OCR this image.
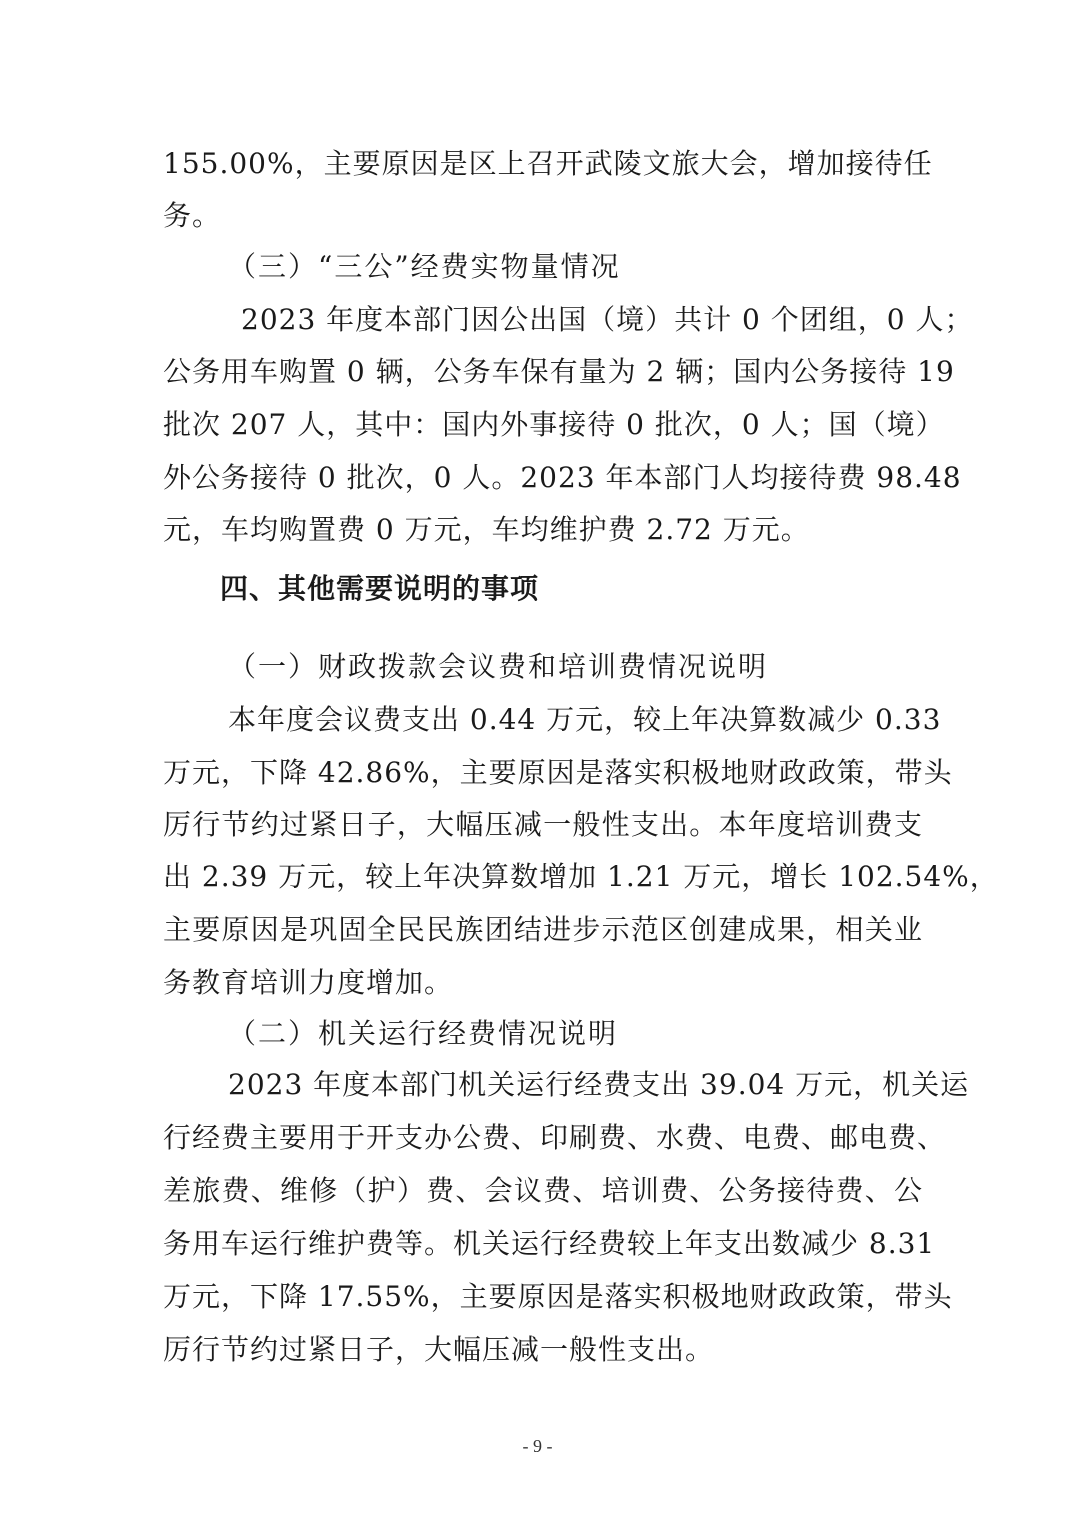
155.00%，主要原因是区上召开武陵文旅大会，增加接待任
务。
（三）“三公”经费实物量情况
2023 年度本部门因公出国（境）共计 0 个团组，0 人；
公务用车购置 0 辆，公务车保有量为 2 辆；国内公务接待 19
批次 207 人，其中：国内外事接待 0 批次，0 人；国（境）
外公务接待 0 批次，0 人。2023 年本部门人均接待费 98.48
元，车均购置费 0 万元，车均维护费 2.72 万元。
四、其他需要说明的事项
（一）财政拨款会议费和培训费情况说明
本年度会议费支出 0.44 万元，较上年决算数减少 0.33
万元，下降 42.86%，主要原因是落实积极地财政政策，带头
厉行节约过紧日子，大幅压减一般性支出。本年度培训费支
出 2.39 万元，较上年决算数增加 1.21 万元，增长 102.54%，
主要原因是巩固全民民族团结进步示范区创建成果，相关业
务教育培训力度增加。
（二）机关运行经费情况说明
2023 年度本部门机关运行经费支出 39.04 万元，机关运
行经费主要用于开支办公费、印刷费、水费、电费、邮电费、
差旅费、维修（护）费、会议费、培训费、公务接待费、公
务用车运行维护费等。机关运行经费较上年支出数减少 8.31
万元，下降 17.55%，主要原因是落实积极地财政政策，带头
厉行节约过紧日子，大幅压减一般性支出。
- 9 -
